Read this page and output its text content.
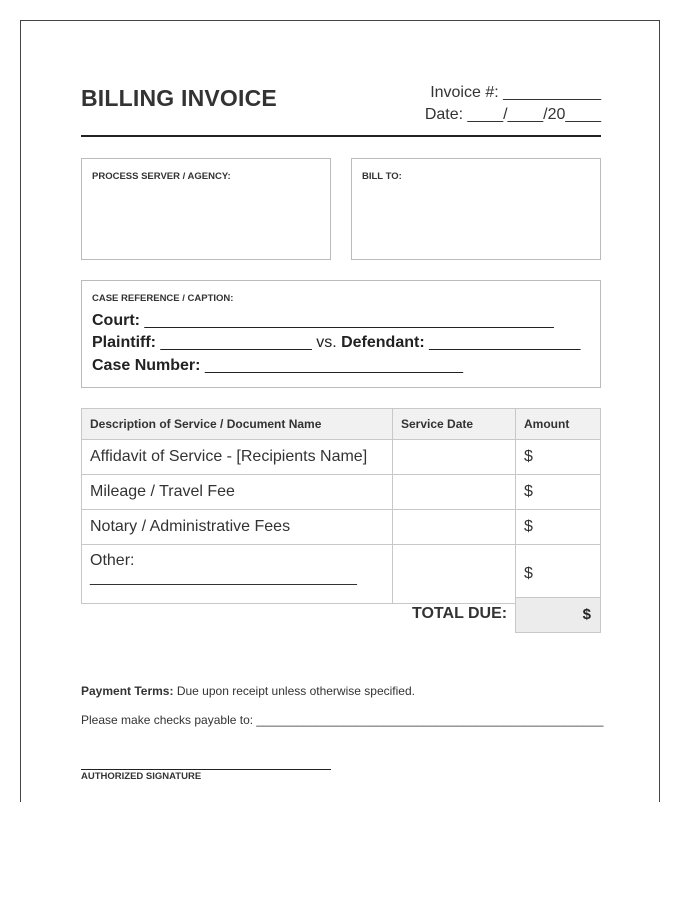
BILLING INVOICE	Invoice #: ___________
Date: ____/____/20____
PROCESS SERVER / AGENCY:	BILL TO:
CASE REFERENCE / CAPTION:
Court: ______________________________________________
Plaintiff: _________________ vs. Defendant: _________________
Case Number: _____________________________
Description of Service / Document Name	Service Date	Amount
Affidavit of Service - [Recipients Name]		$
Mileage / Travel Fee		$
Notary / Administrative Fees		$

Other:
______________________________		$
TOTAL DUE:	$
Payment Terms: Due upon receipt unless otherwise specified.
Please make checks payable to: ____________________________________________________
AUTHORIZED SIGNATURE
